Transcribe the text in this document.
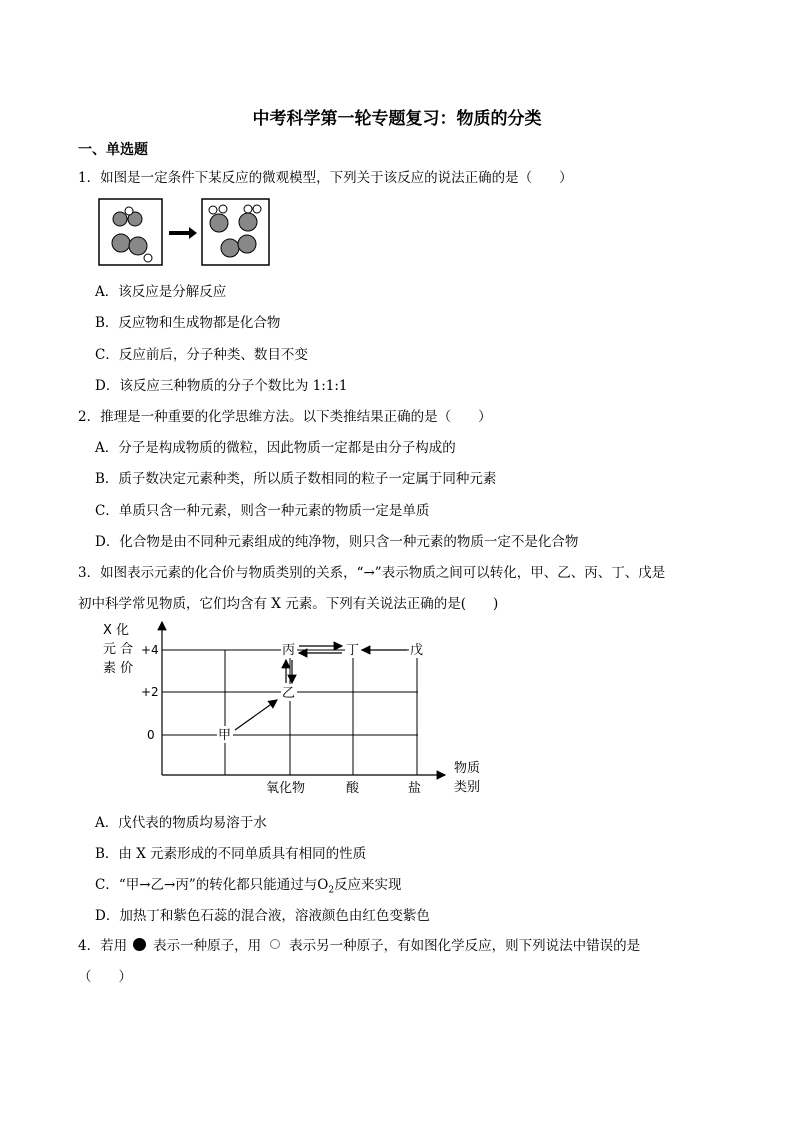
中考科学第一轮专题复习：物质的分类
一、单选题
1．如图是一定条件下某反应的微观模型，下列关于该反应的说法正确的是（　　）
A．该反应是分解反应
B．反应物和生成物都是化合物
C．反应前后，分子种类、数目不变
D．该反应三种物质的分子个数比为 1:1:1
2．推理是一种重要的化学思维方法。以下类推结果正确的是（　　）
A．分子是构成物质的微粒，因此物质一定都是由分子构成的
B．质子数决定元素种类，所以质子数相同的粒子一定属于同种元素
C．单质只含一种元素，则含一种元素的物质一定是单质
D．化合物是由不同种元素组成的纯净物，则只含一种元素的物质一定不是化合物
3．如图表示元素的化合价与物质类别的关系，“→”表示物质之间可以转化，甲、乙、丙、丁、戊是
初中科学常见物质，它们均含有 X 元素。下列有关说法正确的是(　　)
X 化
元 合
素 价
+4
+2
0
氧化物	酸	盐
物质
类别
甲
乙
丙	丁	戊
A．戊代表的物质均易溶于水
B．由 X 元素形成的不同单质具有相同的性质
C．“甲→乙→丙”的转化都只能通过与$O_2$反应来实现
D．加热丁和紫色石蕊的混合液，溶液颜色由红色变紫色
4．若用 表示一种原子，用 表示另一种原子，有如图化学反应，则下列说法中错误的是
（　　）
